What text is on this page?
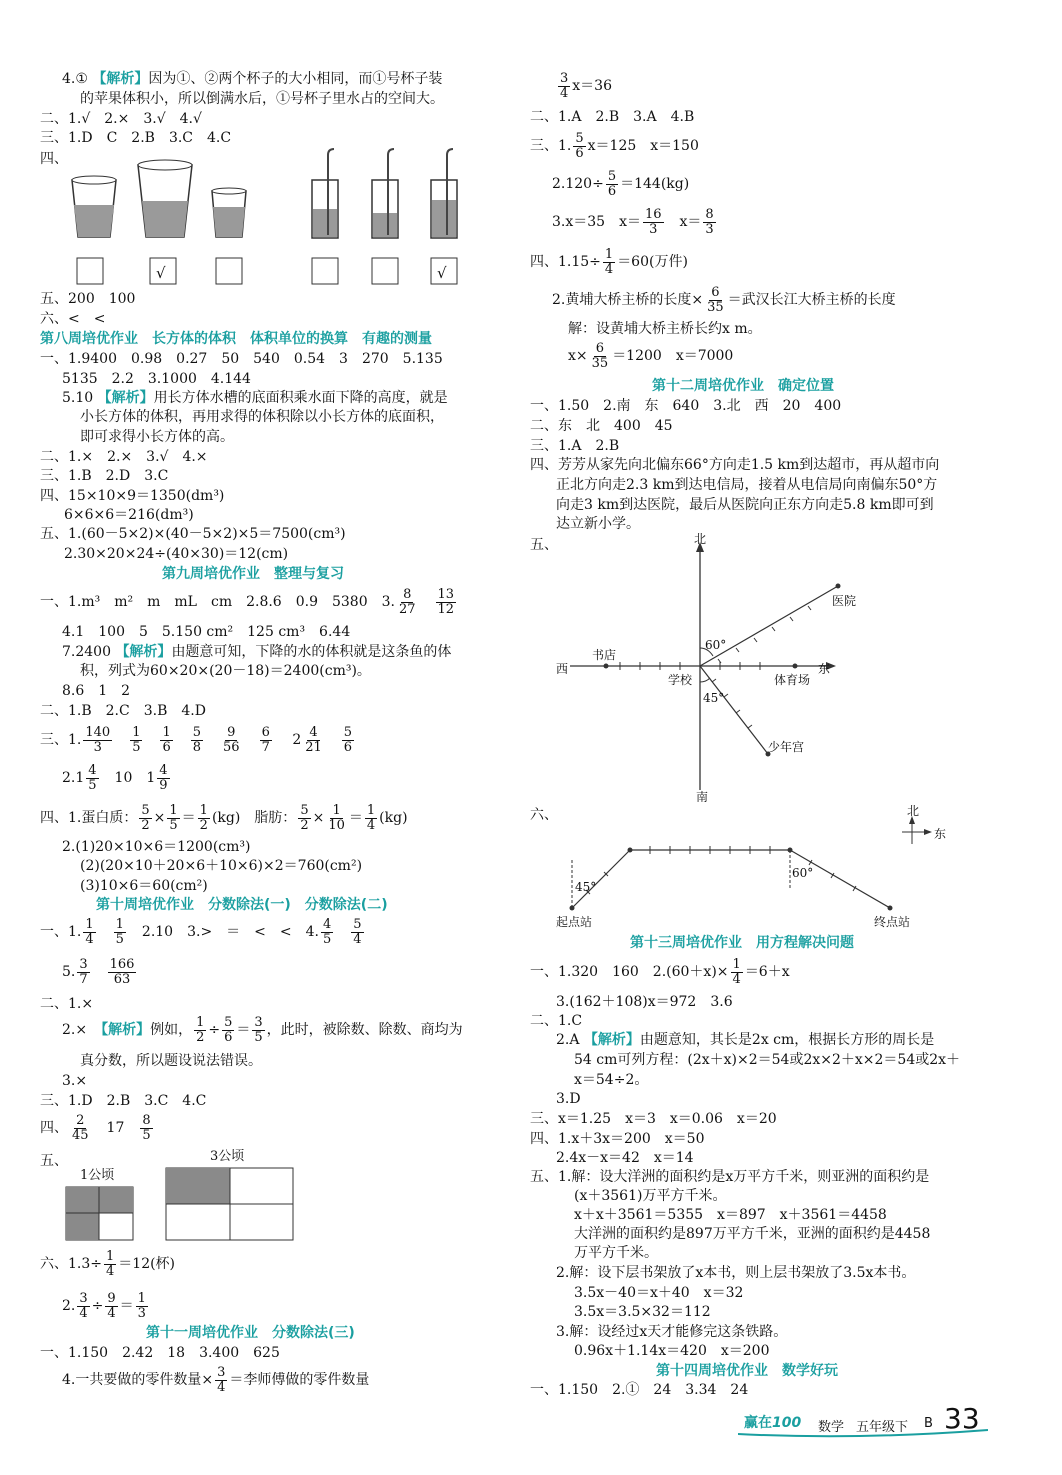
4.① 【解析】因为①、②两个杯子的大小相同，而①号杯子装
的苹果体积小，所以倒满水后，①号杯子里水占的空间大。
二、1.√　2.×　3.√　4.√
三、1.D　C　2.B　3.C　4.C
四、
√	√
五、200　100
六、<　<
第八周培优作业　长方体的体积　体积单位的换算　有趣的测量
一、1.9400　0.98　0.27　50　540　0.54　3　270　5.135
5135　2.2　3.1000　4.144
5.10 【解析】用长方体水槽的底面积乘水面下降的高度，就是
小长方体的体积，再用求得的体积除以小长方体的底面积，
即可求得小长方体的高。
二、1.×　2.×　3.√　4.×
三、1.B　2.D　3.C
四、15×10×9＝1350(dm³)
6×6×6＝216(dm³)
五、1.(60－5×2)×(40－5×2)×5＝7500(cm³)
2.30×20×24÷(40×30)＝12(cm)
第九周培优作业　整理与复习
一、1.m³　m²　m　mL　cm　2.8.6　0.9　5380　3. $\frac{8}{27}$
　 $\frac{13}{12}$
4.1　100　5　5.150 cm²　125 cm³　6.44
7.2400 【解析】由题意可知，下降的水的体积就是这条鱼的体
积，列式为60×20×(20－18)＝2400(cm³)。
8.6　1　2
二、1.B　2.C　3.B　4.D
三、1. $\frac{140}{3}$
　 $\frac{1}{5}$
　 $\frac{1}{6}$
　 $\frac{5}{8}$
　 $\frac{9}{56}$
　 $\frac{6}{7}$
　 $2 \frac{4}{21}$
　 $\frac{5}{6}$
$2.1 \frac{4}{5}$
　 10　$1 \frac{4}{9}$
四、1.蛋白质： $\frac{5}{2} \times \frac{1}{5} = \frac{1}{2} (kg)$　脂肪： $\frac{5}{2} \times \frac{1}{10} = \frac{1}{4} (kg)$
2.(1)20×10×6＝1200(cm³)
(2)(20×10＋20×6＋10×6)×2＝760(cm²)
(3)10×6＝60(cm²)
第十周培优作业　分数除法(一)　分数除法(二)
一、1. $\frac{1}{4}$
　 $\frac{1}{5}$
　 2.10　3.>　＝　<　<　4. $\frac{4}{5}$
　 $\frac{5}{4}$
5. $\frac{3}{7}$
　 $\frac{166}{63}$
二、1.×
2.×　【解析】例如， $\frac{1}{2} \div \frac{5}{6} = \frac{3}{5}$ ，此时，被除数、除数、商均为
真分数，所以题设说法错误。
3.×
三、1.D　2.B　3.C　4.C
四、 $\frac{2}{45}$
　 17　 $\frac{8}{5}$
五、
1公顷
3公顷
六、$1.3\div \frac{1}{4} =12$(杯)
2. $\frac{3}{4} \div \frac{9}{4} = \frac{1}{3}$
第十一周培优作业　分数除法(三)
一、1.150　2.42　18　3.400　625
4.一共要做的零件数量× $\frac{3}{4}$ ＝李师傅做的零件数量
$\frac{3}{4} x=36$
二、1.A　2.B　3.A　4.B
三、1. $\frac{5}{6} x=125$　x＝150
$2.120\div \frac{5}{6} =144(kg)$
3.x＝35　$x= \frac{16}{3}$ 　$x= \frac{8}{3}$
四、$1.15\div \frac{1}{4} =60$(万件)
2.黄埔大桥主桥的长度× $\frac{6}{35}$ ＝武汉长江大桥主桥的长度
解：设黄埔大桥主桥长约x m。
$x\times \frac{6}{35} =1200$　x＝7000
第十二周培优作业　确定位置
一、1.50　2.南　东　640　3.北　西　20　400
二、东　北　400　45
三、1.A　2.B
四、芳芳从家先向北偏东66°方向走1.5 km到达超市，再从超市向
正北方向走2.3 km到达电信局，接着从电信局向南偏东50°方
向走3 km到达医院，最后从医院向正东方向走5.8 km即可到
达立新小学。
五、	北
南
西	东
学校
书店
体育场
医院
少年宫
60°
45°
六、	北
东
起点站	终点站
45°
60°
第十三周培优作业　用方程解决问题
一、1.320　160　$2.(60+x)\times \frac{1}{4} =6+x$
3.(162＋108)x＝972　3.6
二、1.C
2.A 【解析】由题意知，其长是2x cm，根据长方形的周长是
54 cm可列方程：(2x＋x)×2＝54或2x×2＋x×2＝54或2x＋
x＝54÷2。
3.D
三、x＝1.25　x＝3　x＝0.06　x＝20
四、1.x＋3x＝200　x＝50
2.4x－x＝42　x＝14
五、1.解：设大洋洲的面积约是x万平方千米，则亚洲的面积约是
(x＋3561)万平方千米。
x＋x＋3561＝5355　x＝897　x＋3561＝4458
大洋洲的面积约是897万平方千米，亚洲的面积约是4458
万平方千米。
2.解：设下层书架放了x本书，则上层书架放了3.5x本书。
3.5x－40＝x＋40　x＝32
3.5x＝3.5×32＝112
3.解：设经过x天才能修完这条铁路。
0.96x＋1.14x＝420　x＝200
第十四周培优作业　数学好玩
一、1.150　2.①　24　3.34　24
赢在100 数学 五年级下 B 33
